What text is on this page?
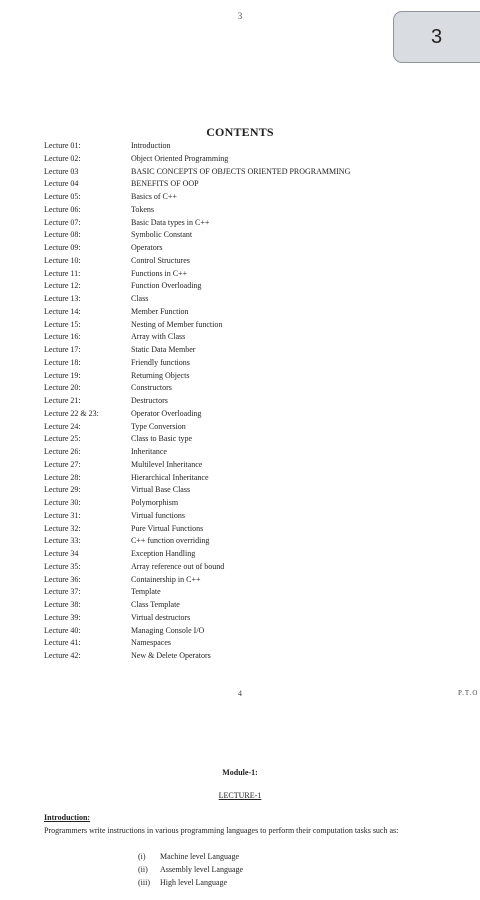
3
3
CONTENTS
Lecture 01:	Introduction
Lecture 02:	Object Oriented Programming
Lecture 03	BASIC CONCEPTS OF OBJECTS ORIENTED PROGRAMMING
Lecture 04	BENEFITS OF OOP
Lecture 05:	Basics of C++
Lecture 06:	Tokens
Lecture 07:	Basic Data types in C++
Lecture 08:	Symbolic Constant
Lecture 09:	Operators
Lecture 10:	Control Structures
Lecture 11:	Functions in C++
Lecture 12:	Function Overloading
Lecture 13:	Class
Lecture 14:	Member Function
Lecture 15:	Nesting of Member function
Lecture 16:	Array with Class
Lecture 17:	Static Data Member
Lecture 18:	Friendly functions
Lecture 19:	Returning Objects
Lecture 20:	Constructors
Lecture 21:	Destructors
Lecture 22 & 23:	Operator Overloading
Lecture 24:	Type Conversion
Lecture 25:	Class to Basic type
Lecture 26:	Inheritance
Lecture 27:	Multilevel Inheritance
Lecture 28:	Hierarchical Inheritance
Lecture 29:	Virtual Base Class
Lecture 30:	Polymorphism
Lecture 31:	Virtual functions
Lecture 32:	Pure Virtual Functions
Lecture 33:	C++ function overriding
Lecture 34	Exception Handling
Lecture 35:	Array reference out of bound
Lecture 36:	Containership in C++
Lecture 37:	Template
Lecture 38:	Class Template
Lecture 39:	Virtual destructors
Lecture 40:	Managing Console I/O
Lecture 41:	Namespaces
Lecture 42:	New & Delete Operators
4	P.T.O
Module-1:
LECTURE-1
Introduction:
Programmers write instructions in various programming languages to perform their computation tasks such as:
(i)	Machine level Language
(ii)	Assembly level Language
(iii)	High level Language
